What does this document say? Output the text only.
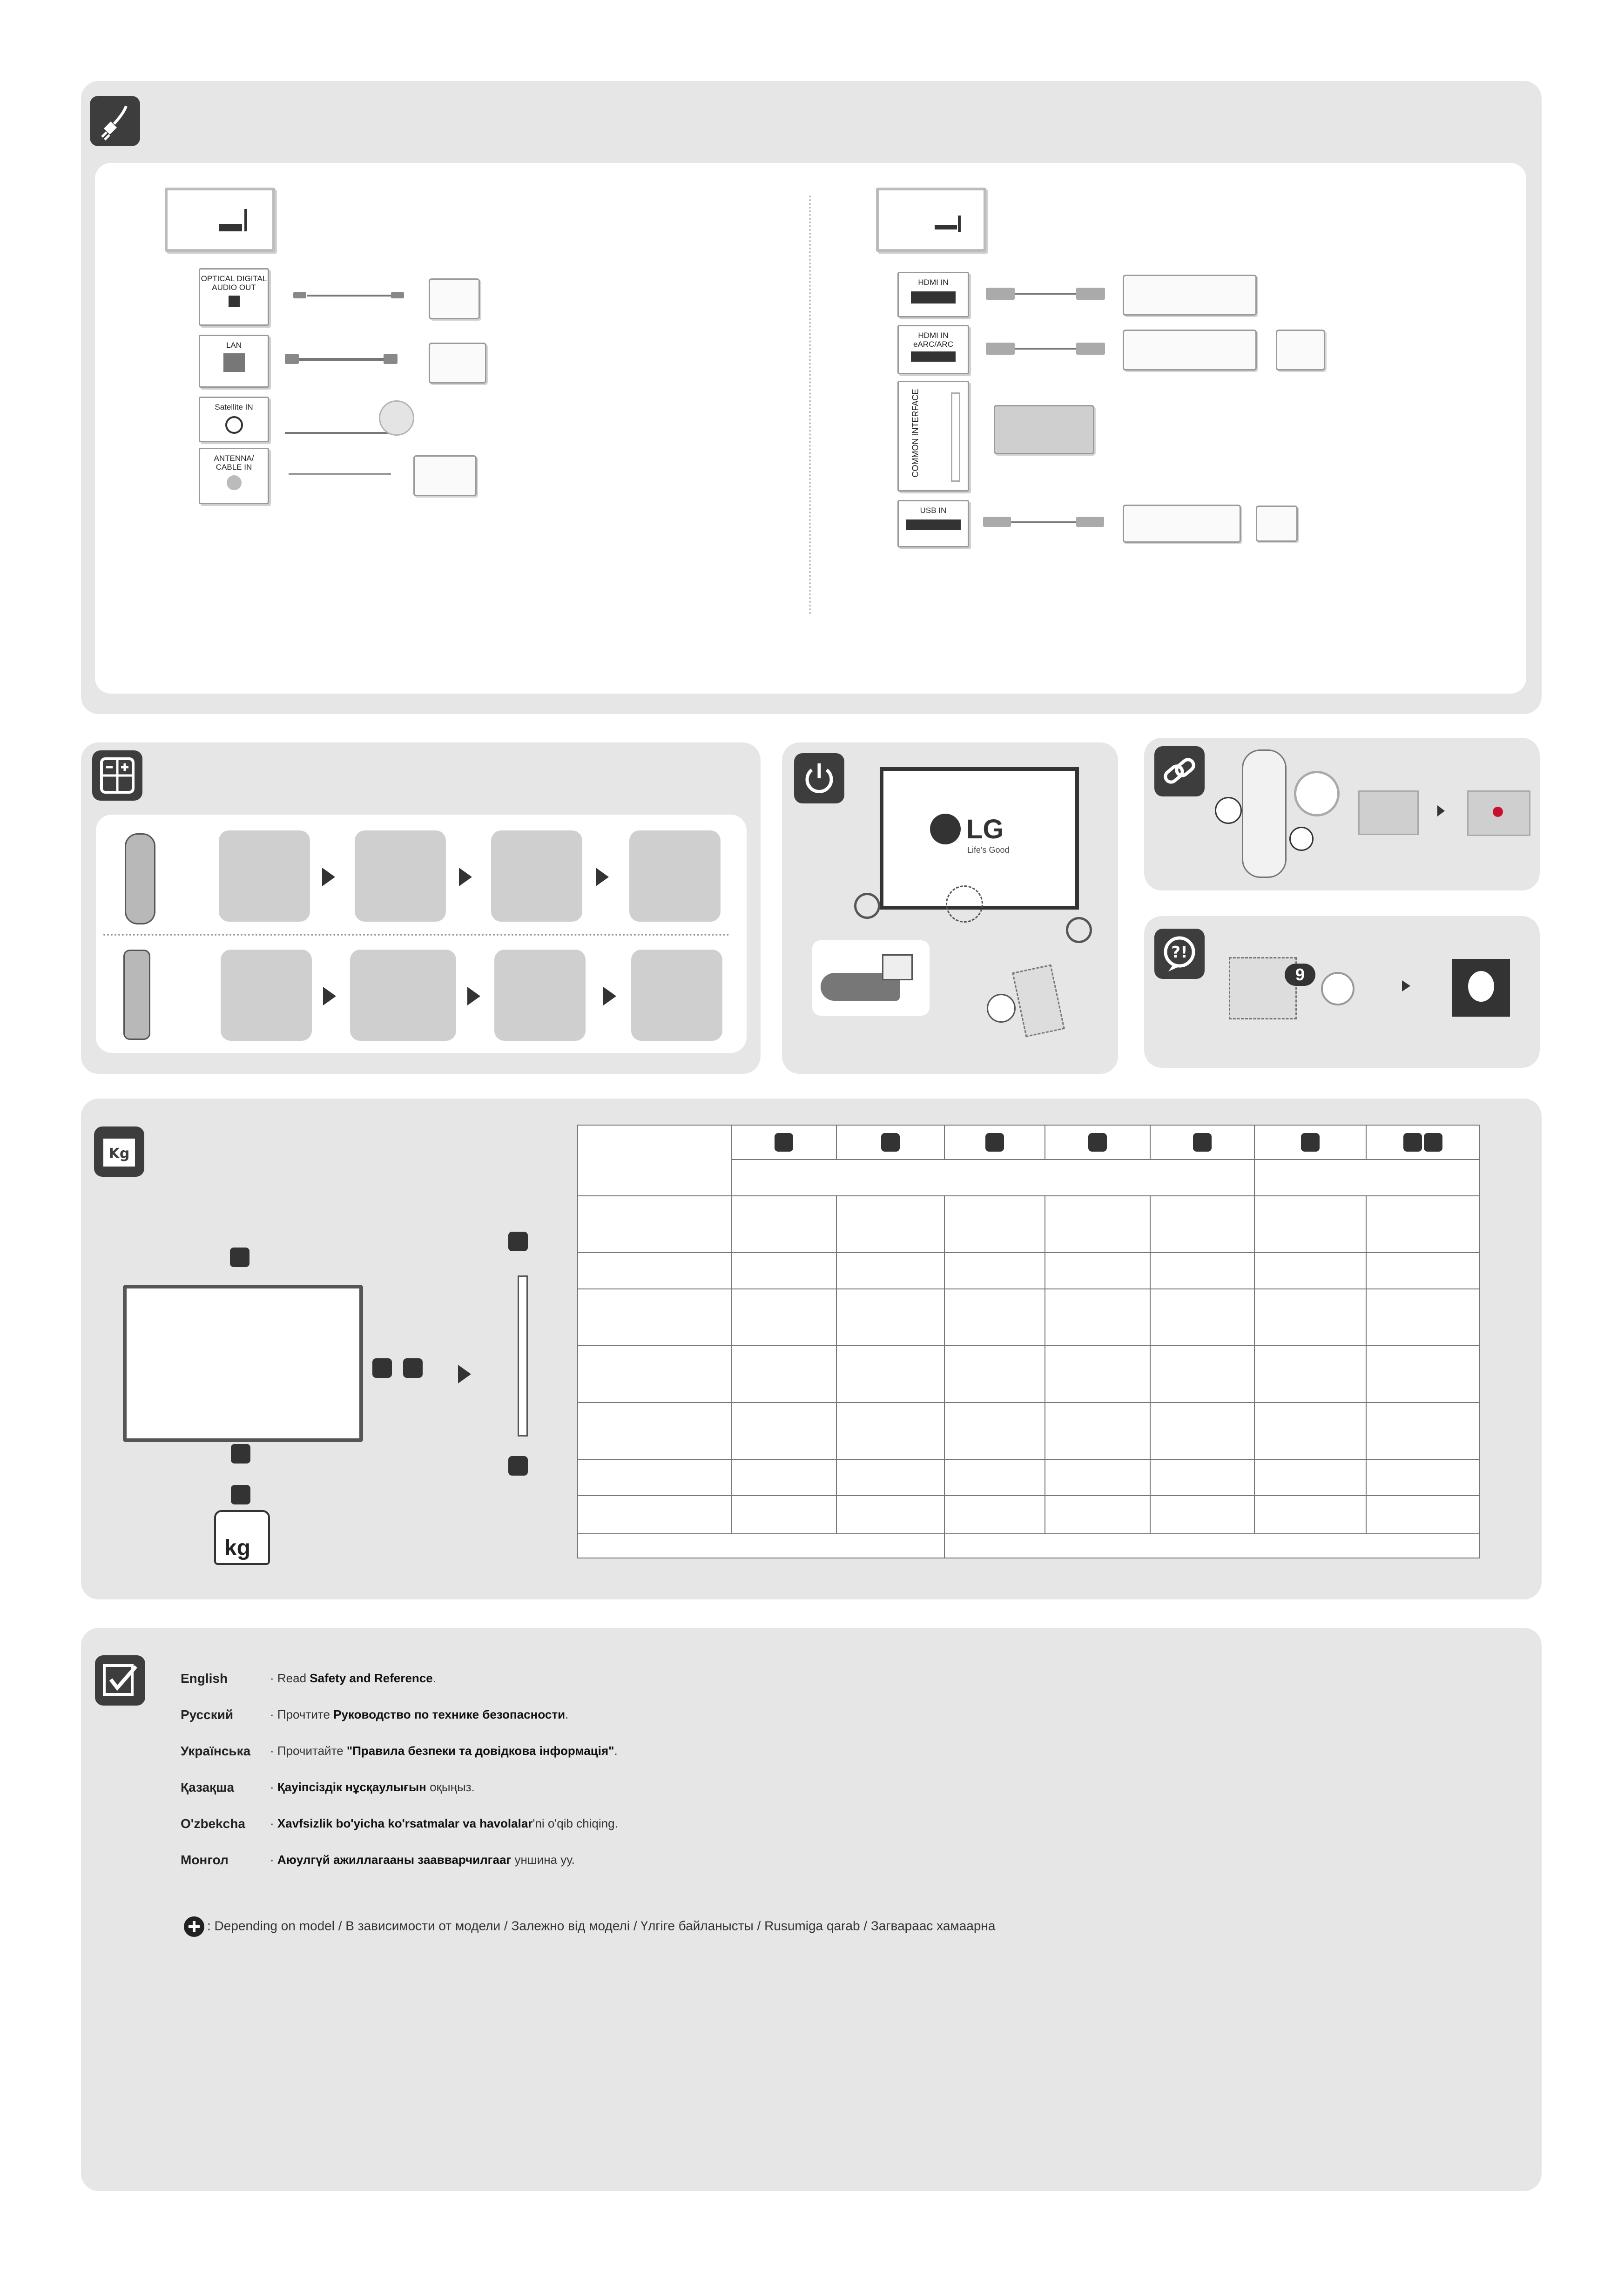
OPTICAL DIGITAL AUDIO OUT
LAN
Satellite IN
ANTENNA/ CABLE IN
HDMI IN
HDMI IN eARC/ARC
COMMON INTERFACE
USB IN
LG
Life's Good
?!
9
Kg
kg

English	· Read Safety and Reference.
Русский	· Прочтите Руководство по технике безопасности.
Українська · Прочитайте "Правила безпеки та довідкова інформація".
Қазақша	· Қауіпсіздік нұсқаулығын оқыңыз.
O'zbekcha · Xavfsizlik bo'yicha ko'rsatmalar va havolalar'ni o'qib chiqing.
Монгол	· Аюулгүй ажиллагааны заавварчилгааг уншина уу.
: Depending on model / В зависимости от модели / Залежно від моделі / Үлгіге байланысты / Rusumiga qarab / Загвараас хамаарна
